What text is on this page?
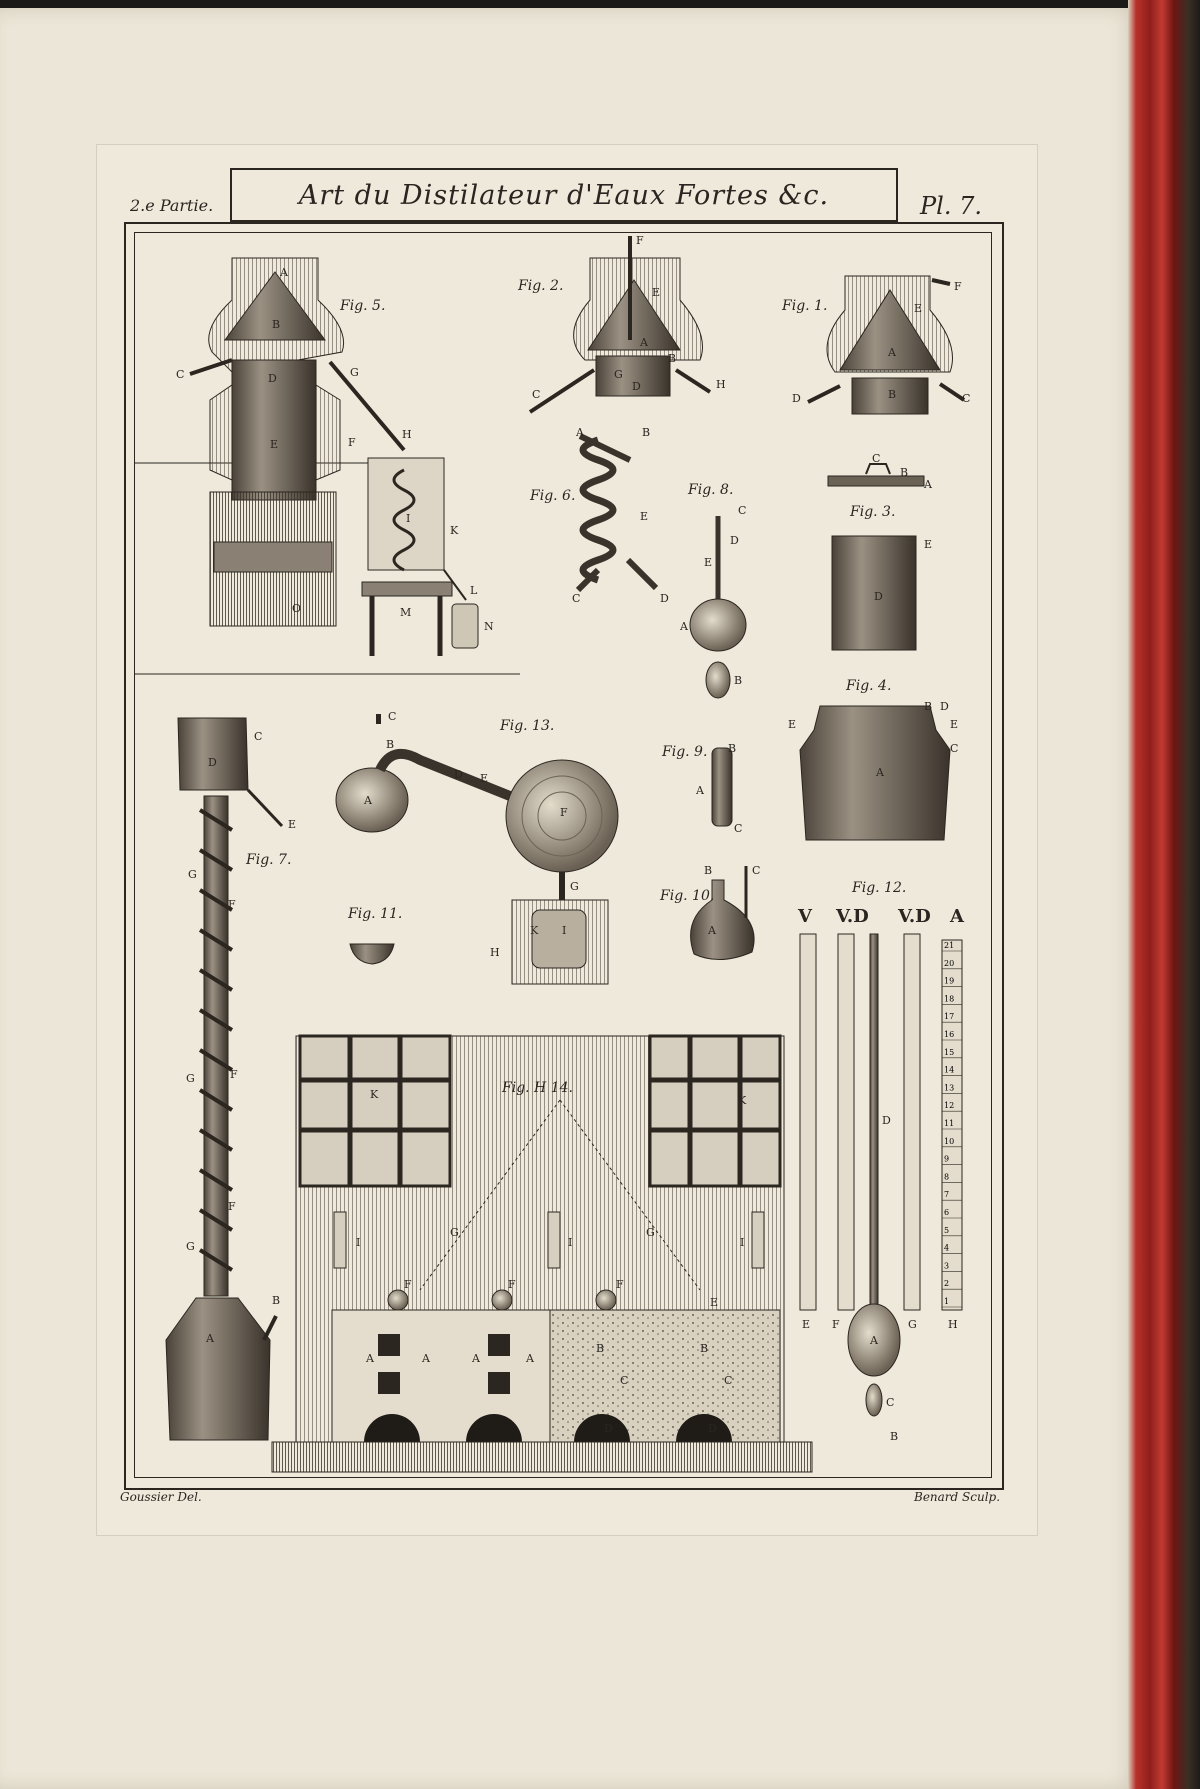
2.e Partie.	Art du Distilateur d'Eaux Fortes &c.	Pl. 7.
A
B
C	D
E	F
G
H
I
K
L
M
N
O
Fig. 5.
F
E
A
B
C
D
G
H
Fig. 2.
E
A
B
D	C
F
Fig. 1.
A	B
E
C	D
Fig. 6.
C
D
E
A
B
Fig. 8.
C
B
A
E
D
Fig. 3.
E
B D
E
C
A
Fig. 4.
C
D
E
G
F
G	F
F
G
B
A
Fig. 7.
C
B
A
D E
F
G
K I
H
Fig. 13.
B
A
C
Fig. 9.
B	C
A
Fig. 10.
Fig. 11.	V V.D V.D A
D
A
C
B
E F	G	H
1
2
3
4
5
6
7
8
9
10
11
12
13
14
15
16
17
18
19
20
21
Fig. 12.
K	K
I	I	I
G	G
F	F	F
E
A	A	A	A
B	B
C	C
D	D
Fig. H 14.
Goussier Del.	Benard Sculp.
